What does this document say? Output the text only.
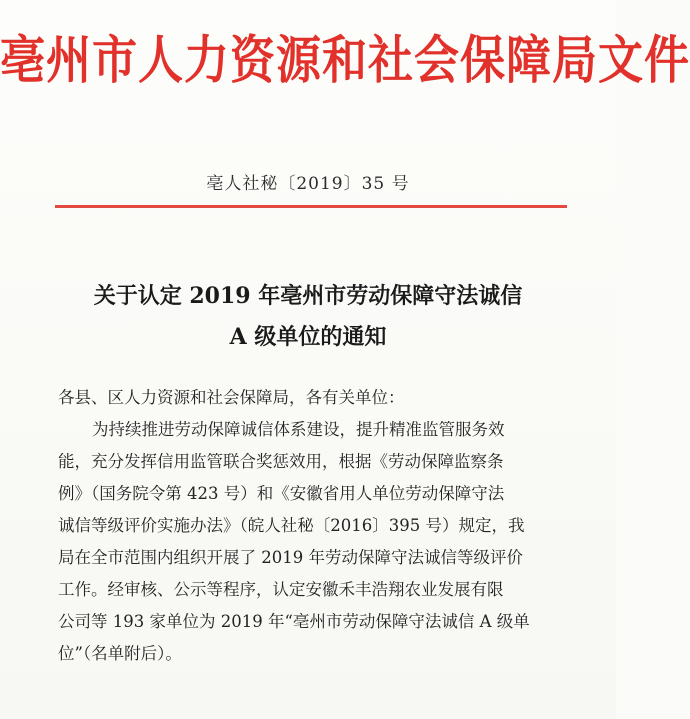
亳州市人力资源和社会保障局文件
亳人社秘〔2019〕35 号
关于认定 2019 年亳州市劳动保障守法诚信
A 级单位的通知
各县、区人力资源和社会保障局，各有关单位：
为持续推进劳动保障诚信体系建设，提升精准监管服务效
能，充分发挥信用监管联合奖惩效用，根据《劳动保障监察条
例》（国务院令第 423 号）和《安徽省用人单位劳动保障守法
诚信等级评价实施办法》（皖人社秘〔2016〕395 号）规定，我
局在全市范围内组织开展了 2019 年劳动保障守法诚信等级评价
工作。经审核、公示等程序，认定安徽禾丰浩翔农业发展有限
公司等 193 家单位为 2019 年“亳州市劳动保障守法诚信 A 级单
位”（名单附后）。
